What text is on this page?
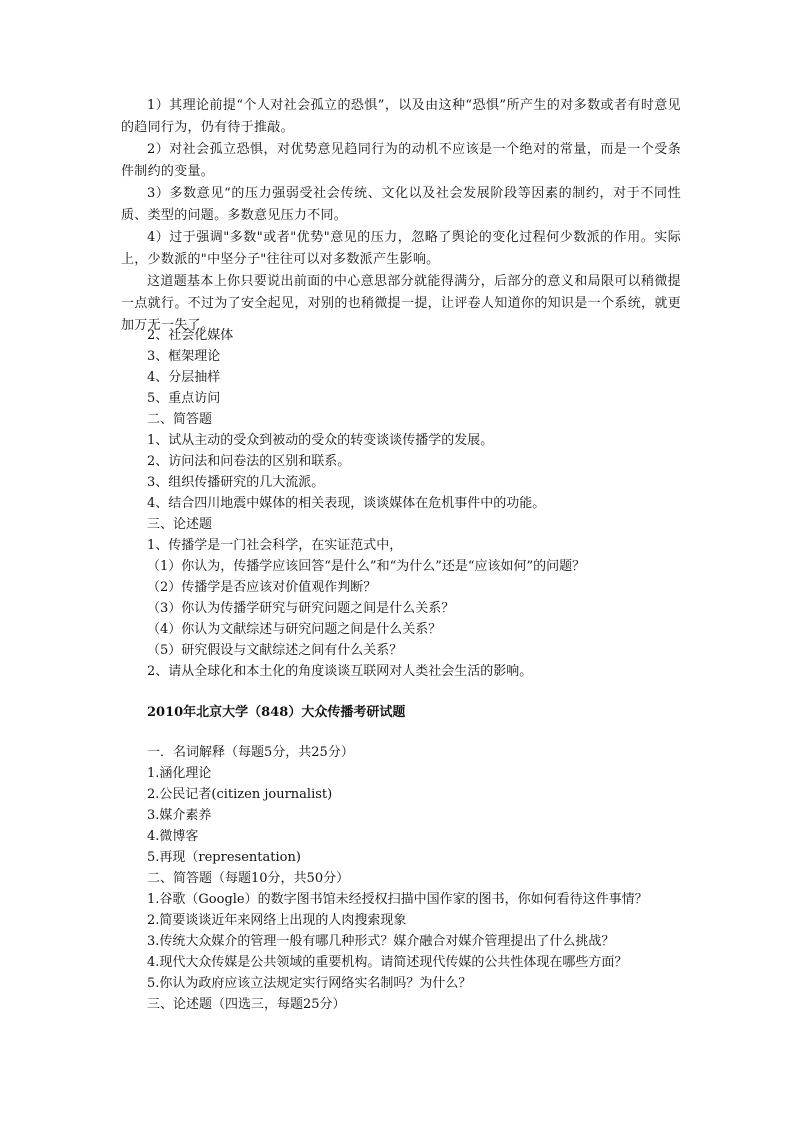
1）其理论前提“个人对社会孤立的恐惧”，以及由这种“恐惧”所产生的对多数或者有时意见的趋同行为，仍有待于推敲。

2）对社会孤立恐惧，对优势意见趋同行为的动机不应该是一个绝对的常量，而是一个受条件制约的变量。

3）多数意见“的压力强弱受社会传统、文化以及社会发展阶段等因素的制约，对于不同性质、类型的问题。多数意见压力不同。

4）过于强调"多数"或者"优势"意见的压力，忽略了舆论的变化过程何少数派的作用。实际上，少数派的"中坚分子"往往可以对多数派产生影响。

这道题基本上你只要说出前面的中心意思部分就能得满分，后部分的意义和局限可以稍微提一点就行。不过为了安全起见，对别的也稍微提一提，让评卷人知道你的知识是一个系统，就更加万无一失了。

2、社会化媒体

3、框架理论

4、分层抽样

5、重点访问

二、简答题

1、试从主动的受众到被动的受众的转变谈谈传播学的发展。

2、访问法和问卷法的区别和联系。

3、组织传播研究的几大流派。

4、结合四川地震中媒体的相关表现，谈谈媒体在危机事件中的功能。

三、论述题

1、传播学是一门社会科学，在实证范式中，

（1）你认为，传播学应该回答“是什么”和“为什么”还是“应该如何”的问题？

（2）传播学是否应该对价值观作判断？

（3）你认为传播学研究与研究问题之间是什么关系？

（4）你认为文献综述与研究问题之间是什么关系？

（5）研究假设与文献综述之间有什么关系？

2、请从全球化和本土化的角度谈谈互联网对人类社会生活的影响。

2010年北京大学（848）大众传播考研试题

一．名词解释（每题5分，共25分）

1.涵化理论

2.公民记者(citizen journalist)

3.媒介素养

4.微博客

5.再现（representation)

二、简答题（每题10分，共50分）

1.谷歌（Google）的数字图书馆未经授权扫描中国作家的图书，你如何看待这件事情？

2.简要谈谈近年来网络上出现的人肉搜索现象

3.传统大众媒介的管理一般有哪几种形式？媒介融合对媒介管理提出了什么挑战？

4.现代大众传媒是公共领域的重要机构。请简述现代传媒的公共性体现在哪些方面？

5.你认为政府应该立法规定实行网络实名制吗？为什么？

三、论述题（四选三，每题25分）
